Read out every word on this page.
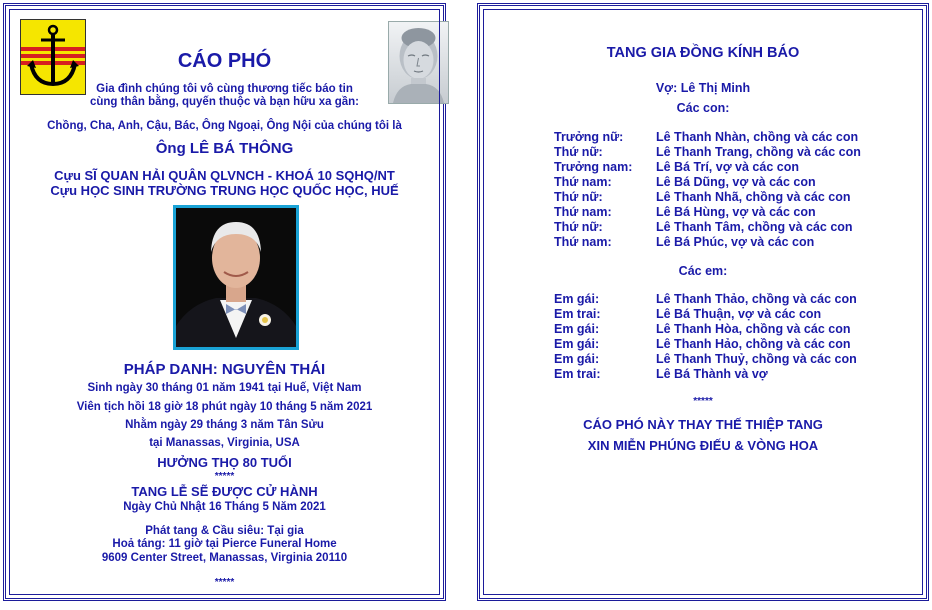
CÁO PHÓ
Gia đình chúng tôi vô cùng thương tiếc báo tin
cùng thân bằng, quyến thuộc và bạn hữu xa gần:
Chồng, Cha, Anh, Cậu, Bác, Ông Ngoại, Ông Nội của chúng tôi là
Ông LÊ BÁ THÔNG
Cựu SĨ QUAN HẢI QUÂN QLVNCH - KHOÁ 10 SQHQ/NT
Cựu HỌC SINH TRƯỜNG TRUNG HỌC QUỐC HỌC, HUẾ
PHÁP DANH: NGUYÊN THÁI
Sinh ngày 30 tháng 01 năm 1941 tại Huế, Việt Nam
Viên tịch hồi 18 giờ 18 phút ngày 10 tháng 5 năm 2021
Nhằm ngày 29 tháng 3 năm Tân Sửu
tại Manassas, Virginia, USA
HƯỞNG THỌ 80 TUỔI
*****
TANG LỄ SẼ ĐƯỢC CỬ HÀNH
Ngày Chủ Nhật 16 Tháng 5 Năm 2021
Phát tang & Cầu siêu: Tại gia
Hoả táng: 11 giờ tại Pierce Funeral Home
9609 Center Street, Manassas, Virginia 20110
*****
TANG GIA ĐỒNG KÍNH BÁO
Vợ: Lê Thị Minh
Các con:
Trưởng nữ:	Lê Thanh Nhàn, chồng và các con
Thứ nữ:	Lê Thanh Trang, chồng và các con
Trưởng nam: Lê Bá Trí, vợ và các con
Thứ nam:	Lê Bá Dũng, vợ và các con
Thứ nữ:	Lê Thanh Nhã, chồng và các con
Thứ nam:	Lê Bá Hùng, vợ và các con
Thứ nữ:	Lê Thanh Tâm, chồng và các con
Thứ nam:	Lê Bá Phúc, vợ và các con
Các em:
Em gái:	Lê Thanh Thảo, chồng và các con
Em trai:	Lê Bá Thuận, vợ và các con
Em gái:	Lê Thanh Hòa, chồng và các con
Em gái:	Lê Thanh Hảo, chồng và các con
Em gái:	Lê Thanh Thuỷ, chồng và các con
Em trai:	Lê Bá Thành và vợ
*****
CÁO PHÓ NÀY THAY THẾ THIỆP TANG
XIN MIỄN PHÚNG ĐIẾU & VÒNG HOA
